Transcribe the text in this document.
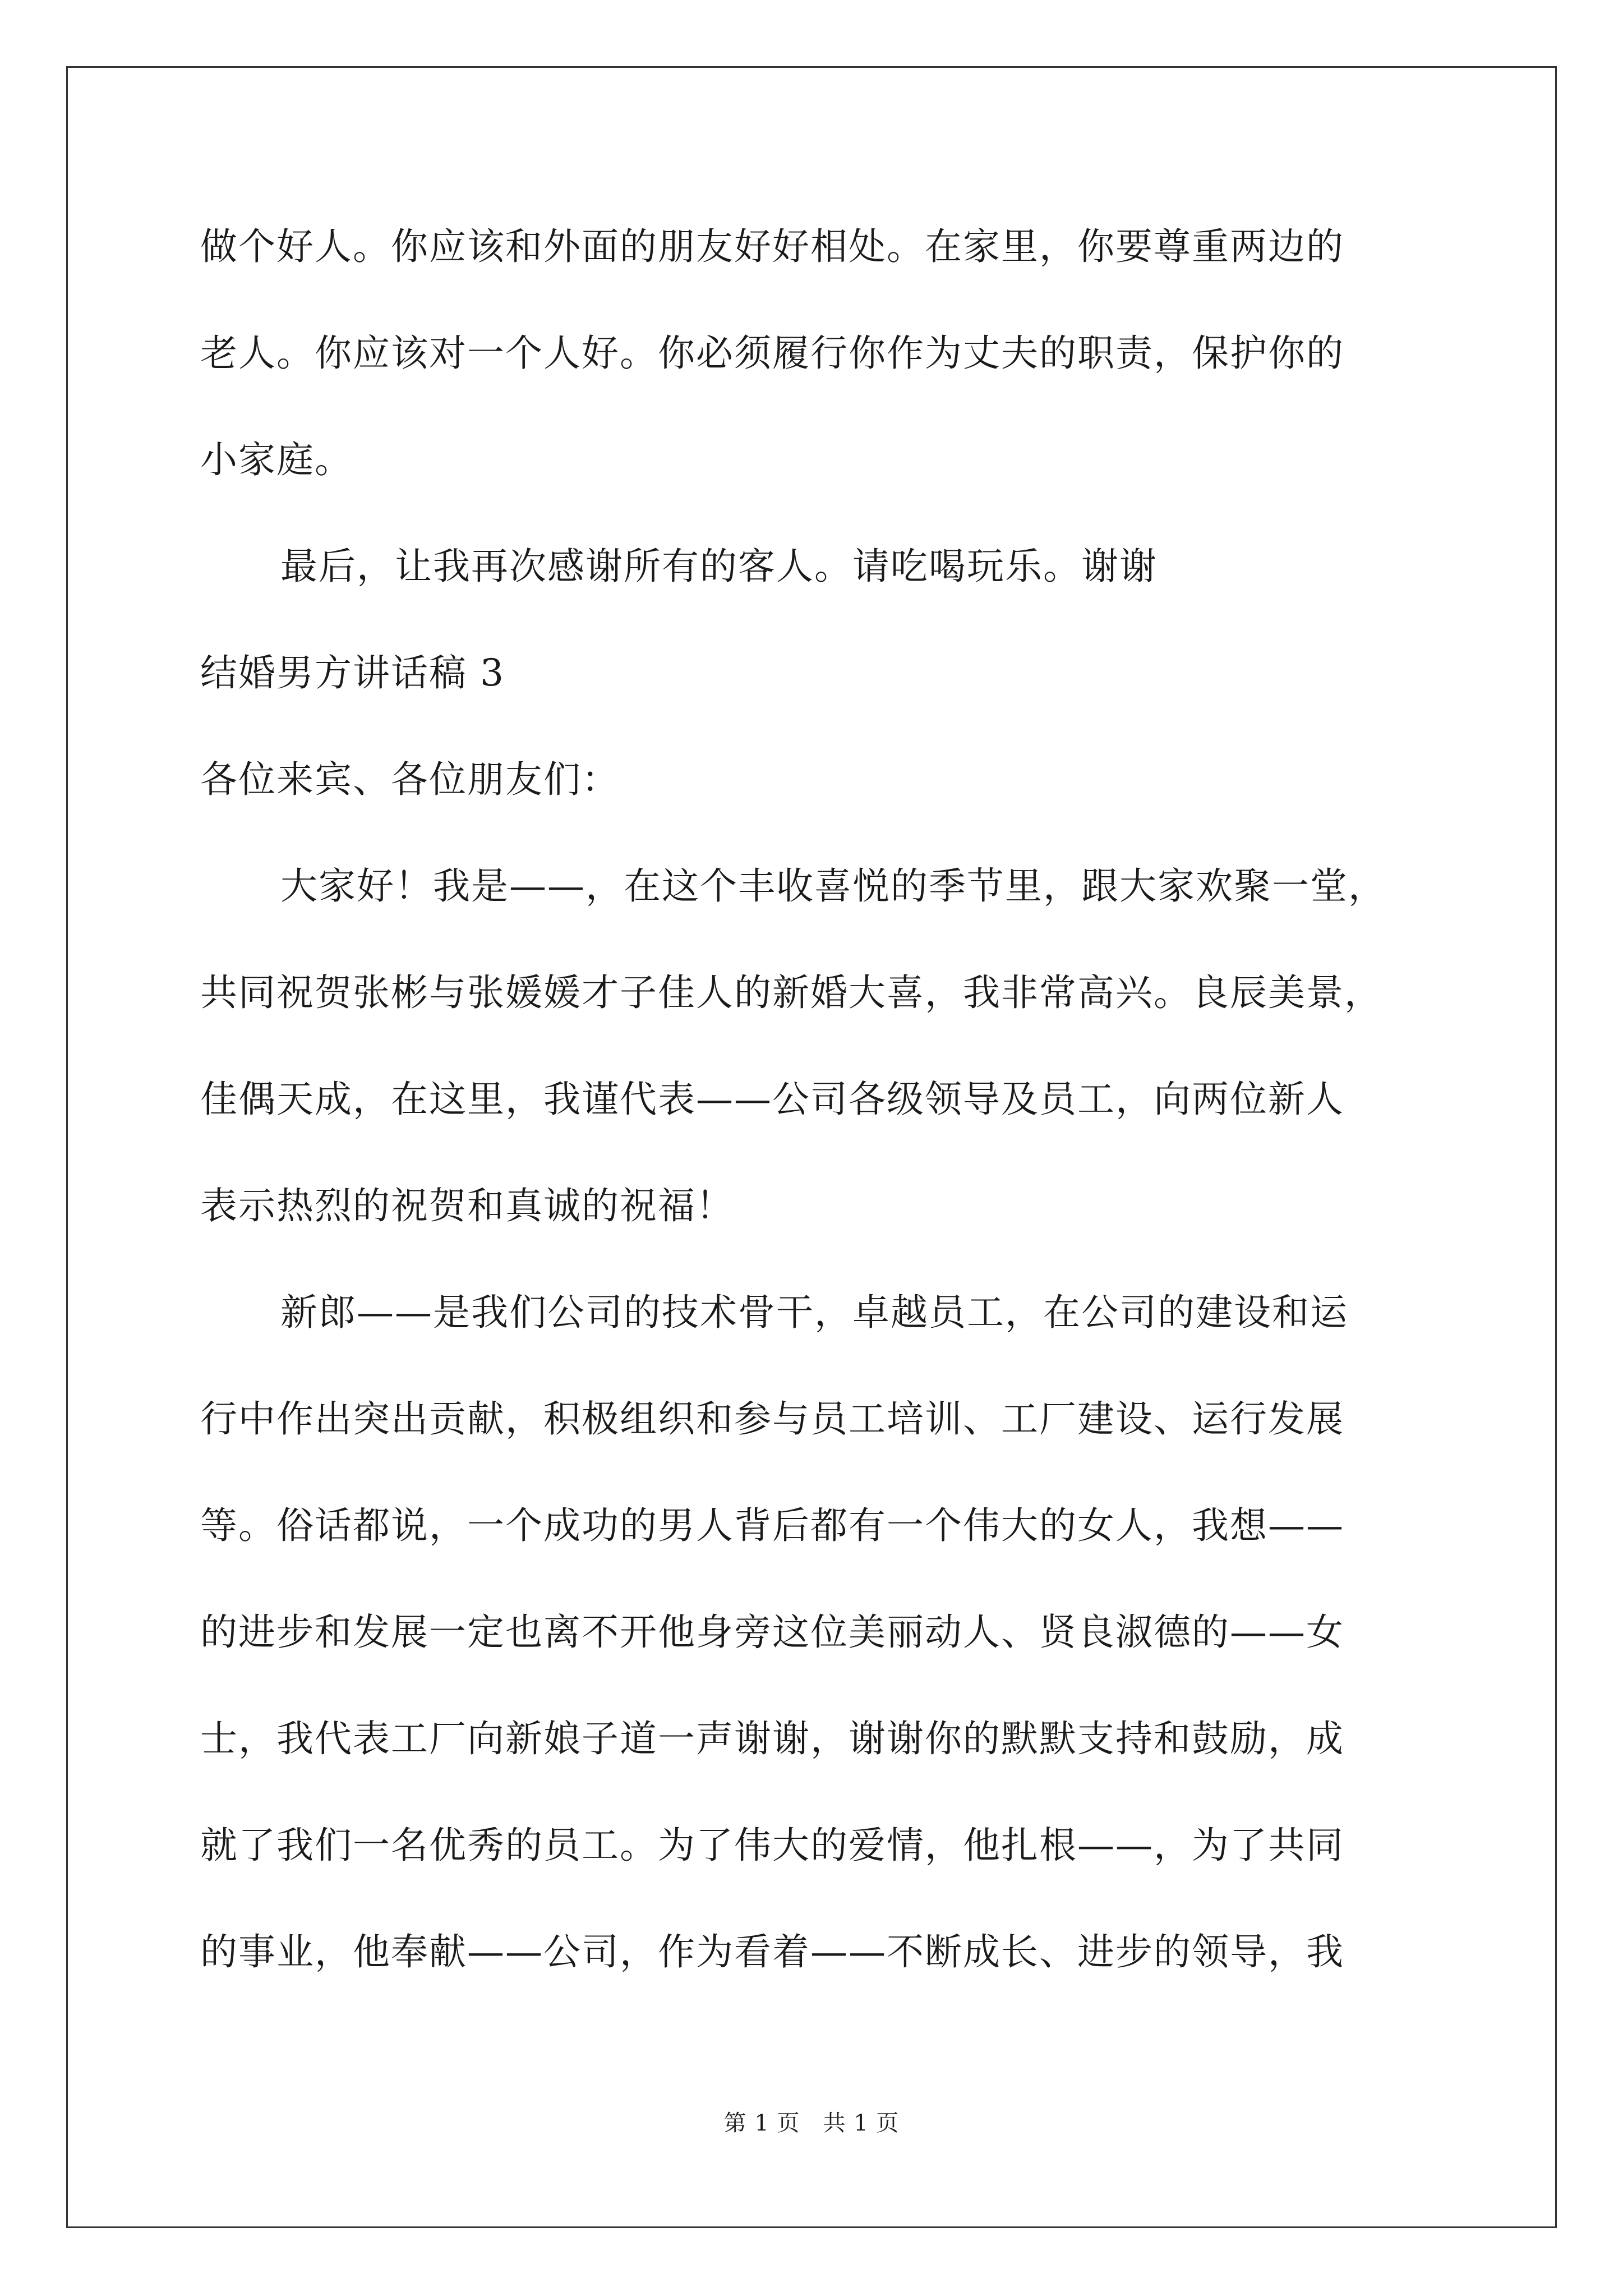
做个好人。你应该和外面的朋友好好相处。在家里，你要尊重两边的
老人。你应该对一个人好。你必须履行你作为丈夫的职责，保护你的
小家庭。
最后，让我再次感谢所有的客人。请吃喝玩乐。谢谢
结婚男方讲话稿 3
各位来宾、各位朋友们：
大家好！我是——，在这个丰收喜悦的季节里，跟大家欢聚一堂，
共同祝贺张彬与张媛媛才子佳人的新婚大喜，我非常高兴。良辰美景，
佳偶天成，在这里，我谨代表——公司各级领导及员工，向两位新人
表示热烈的祝贺和真诚的祝福！
新郎——是我们公司的技术骨干，卓越员工，在公司的建设和运
行中作出突出贡献，积极组织和参与员工培训、工厂建设、运行发展
等。俗话都说，一个成功的男人背后都有一个伟大的女人，我想——
的进步和发展一定也离不开他身旁这位美丽动人、贤良淑德的——女
士，我代表工厂向新娘子道一声谢谢，谢谢你的默默支持和鼓励，成
就了我们一名优秀的员工。为了伟大的爱情，他扎根——，为了共同
的事业，他奉献——公司，作为看着——不断成长、进步的领导，我
第 1 页　共 1 页
